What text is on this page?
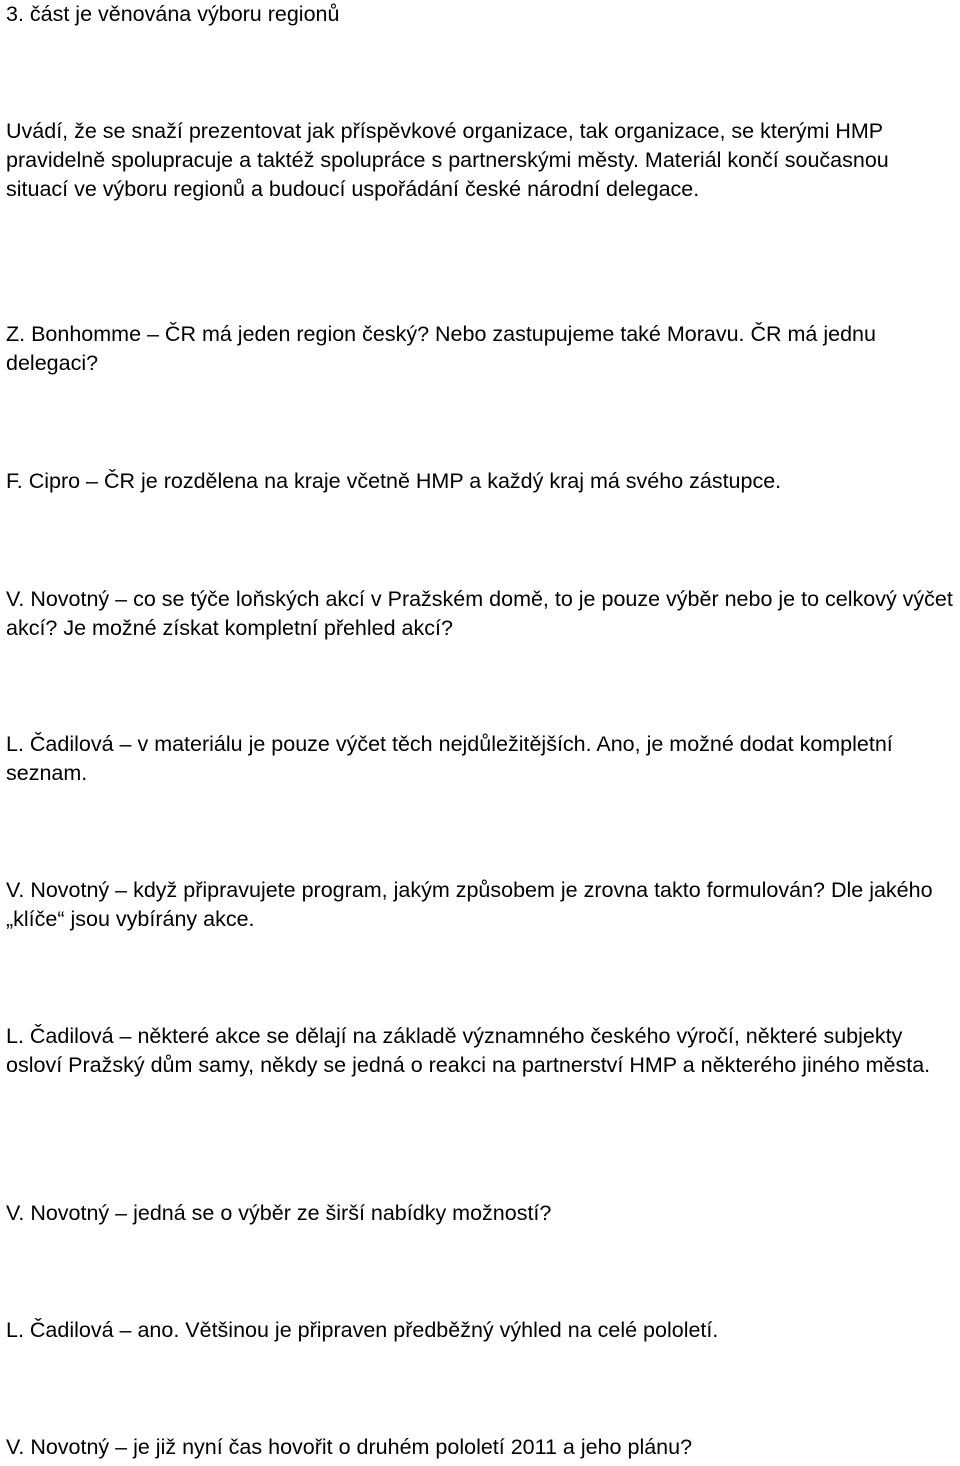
3. část je věnována výboru regionů

Uvádí, že se snaží prezentovat jak příspěvkové organizace, tak organizace, se kterými HMP pravidelně spolupracuje a taktéž spolupráce s partnerskými městy. Materiál končí současnou situací ve výboru regionů a budoucí uspořádání české národní delegace.

Z. Bonhomme – ČR má jeden region český? Nebo zastupujeme také Moravu. ČR má jednu delegaci?

F. Cipro – ČR je rozdělena na kraje včetně HMP a každý kraj má svého zástupce.

V. Novotný – co se týče loňských akcí v Pražském domě, to je pouze výběr nebo je to celkový výčet akcí? Je možné získat kompletní přehled akcí?

L. Čadilová – v materiálu je pouze výčet těch nejdůležitějších. Ano, je možné dodat kompletní seznam.

V. Novotný – když připravujete program, jakým způsobem je zrovna takto formulován? Dle jakého „klíče“ jsou vybírány akce.

L. Čadilová – některé akce se dělají na základě významného českého výročí, některé subjekty osloví Pražský dům samy, někdy se jedná o reakci na partnerství HMP a některého jiného města.

V. Novotný – jedná se o výběr ze širší nabídky možností?

L. Čadilová – ano. Většinou je připraven předběžný výhled na celé pololetí.

V. Novotný – je již nyní čas hovořit o druhém pololetí 2011 a jeho plánu?
